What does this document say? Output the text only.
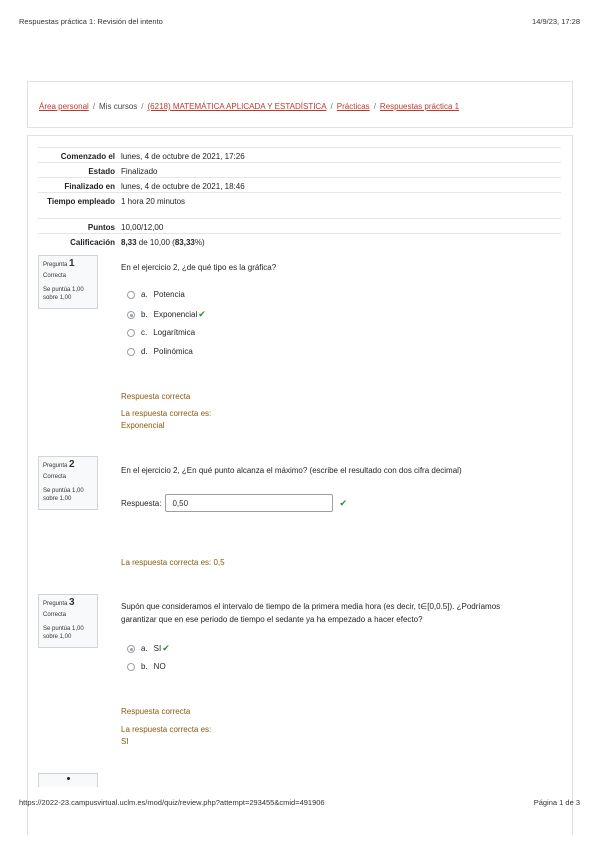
Respuestas práctica 1: Revisión del intento	14/9/23, 17:28
Área personal / Mis cursos / (6218) MATEMÁTICA APLICADA Y ESTADÍSTICA / Prácticas / Respuestas práctica 1
Comenzado el lunes, 4 de octubre de 2021, 17:26
Estado Finalizado
Finalizado en lunes, 4 de octubre de 2021, 18:46
Tiempo empleado 1 hora 20 minutos
Puntos 10,00/12,00
Calificación 8,33 de 10,00 (83,33%)
Pregunta 1
Correcta
Se puntúa 1,00
sobre 1,00
En el ejercicio 2, ¿de qué tipo es la gráfica?
a. Potencia
b. Exponencial ✔
c. Logarítmica
d. Polinómica
Respuesta correcta
La respuesta correcta es:
Exponencial
Pregunta 2
Correcta
Se puntúa 1,00
sobre 1,00
En el ejercicio 2, ¿En qué punto alcanza el máximo? (escribe el resultado con dos cifra decimal)
Respuesta:	0,50	✔
La respuesta correcta es: 0,5
Pregunta 3
Correcta
Se puntúa 1,00
sobre 1,00
Supón que consideramos el intervalo de tiempo de la primera media hora (es decir, t∈[0,0.5]). ¿Podríamos
garantizar que en ese periodo de tiempo el sedante ya ha empezado a hacer efecto?
a. SI ✔
b. NO
Respuesta correcta
La respuesta correcta es:
SI
https://2022-23.campusvirtual.uclm.es/mod/quiz/review.php?attempt=293455&cmid=491906	Página 1 de 3
